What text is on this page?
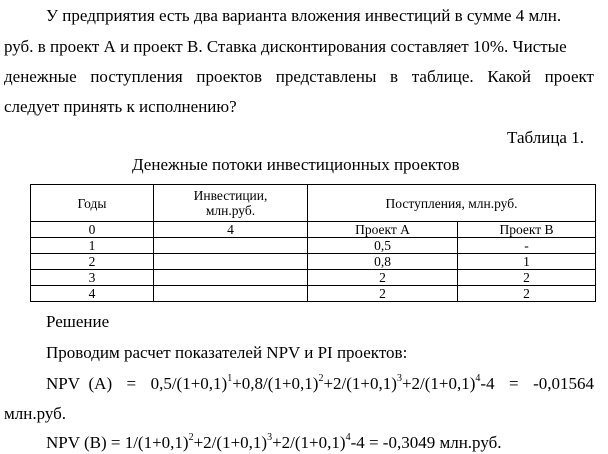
У предприятия есть два варианта вложения инвестиций в сумме 4 млн.
руб. в проект А и проект В. Ставка дисконтирования составляет 10%. Чистые
денежные поступления проектов представлены в таблице. Какой проект
следует принять к исполнению?
Таблица 1.
Денежные потоки инвестиционных проектов
Годы	Инвестиции, млн.руб.	Поступления, млн.руб.	
0	4	Проект А	Проект В
1		0,5	-
2		0,8	1
3		2	2
4		2	2
Решение
Проводим расчет показателей NPV и PI проектов:
NPV  $(А) = 0,5/(1+0,1)^1+0,8/(1+0,1)^2+2/(1+0,1)^3+2/(1+0,1)^4-4 = -0,01564$
млн.руб.
NPV $(В) = 1/(1+0,1)^2+2/(1+0,1)^3+2/(1+0,1)^4-4 = -0,3049$ млн.руб.
